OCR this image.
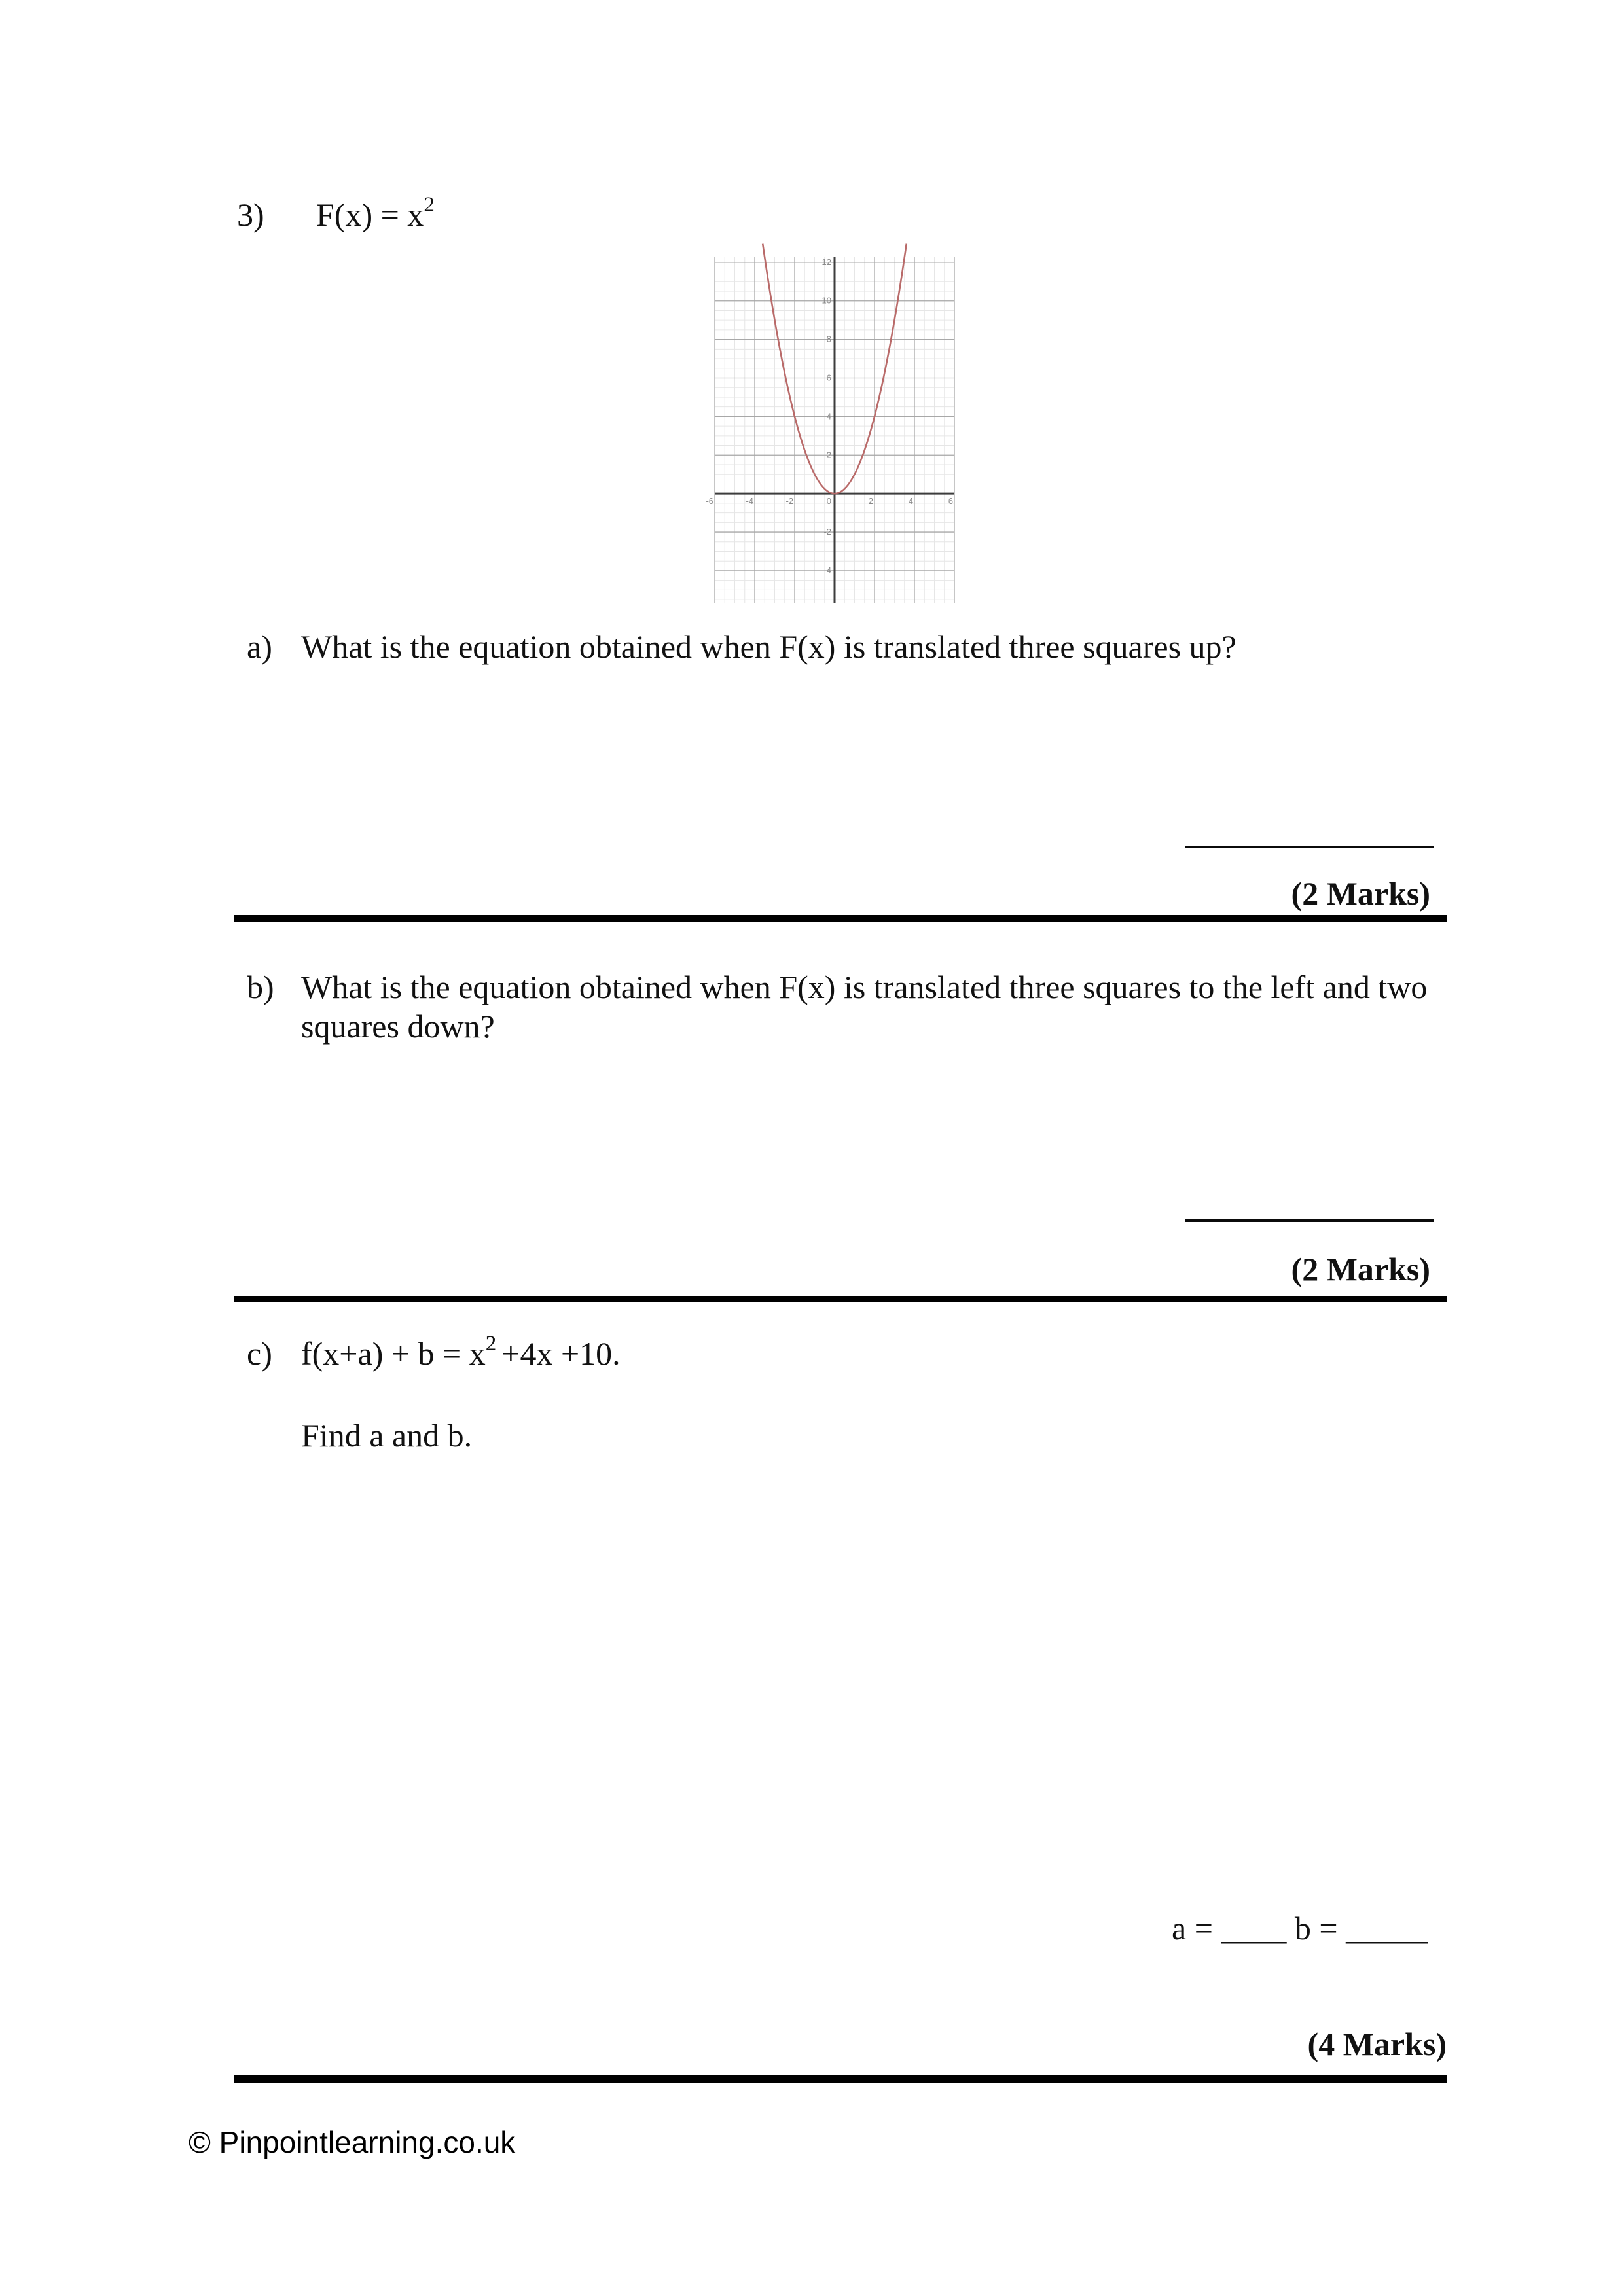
3) $F(x) = x^2$
-6	-4	-2	2	4	6
12
10
8
6
4
2
-2
-4
0
a) What is the equation obtained when F(x) is translated three squares up?
(2 Marks)
b) What is the equation obtained when F(x) is translated three squares to the left and two
squares down?
(2 Marks)
c) $f(x+a) + b = x^2 +4x +10$.
Find a and b.
a = ____ b = _____
(4 Marks)
© Pinpointlearning.co.uk
